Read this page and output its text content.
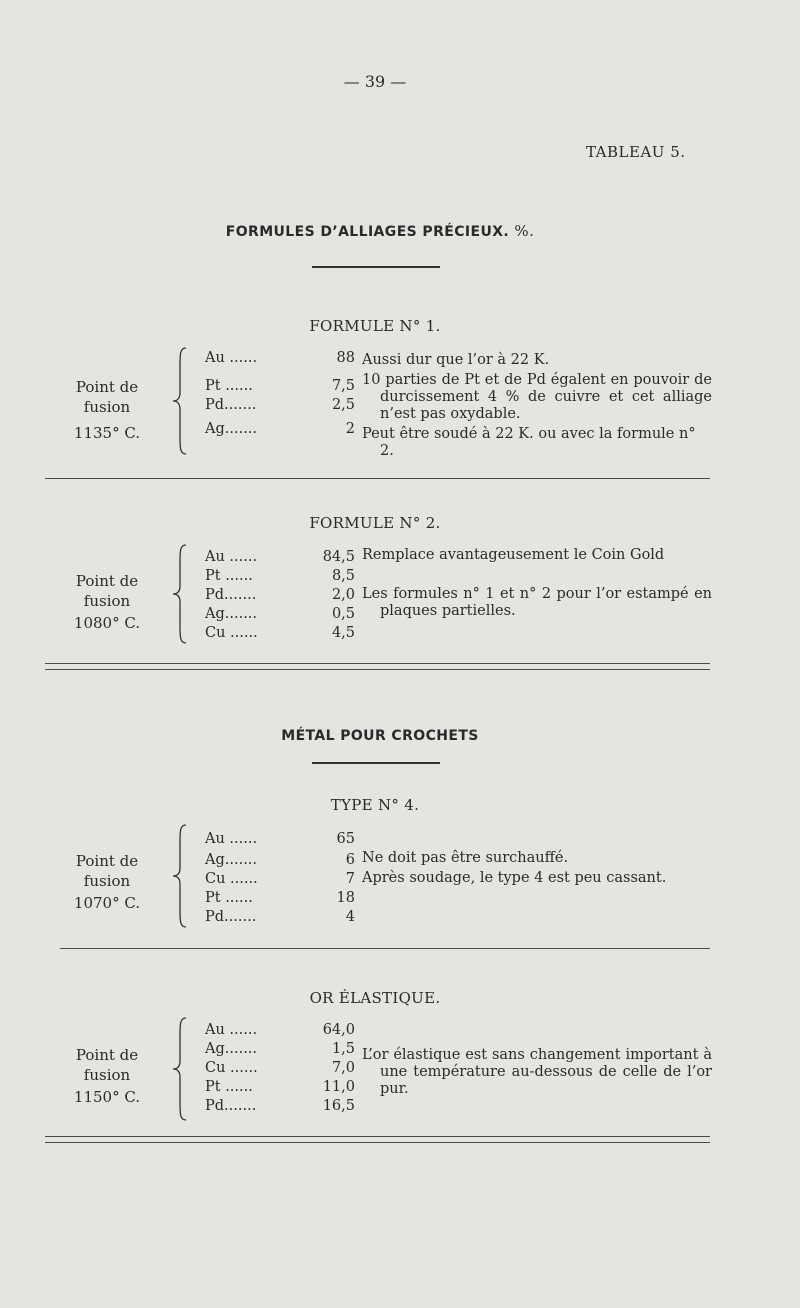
— 39 —
TABLEAU 5.
FORMULES D’ALLIAGES PRÉCIEUX. %.
FORMULE N° 1.
Point de
fusion
1135° C.
Au ......	88
Pt ......	7,5
Pd.......	2,5
Ag.......	2

Aussi dur que l’or à 22 K.

10 parties de Pt et de Pd égalent en pouvoir de durcissement 4 % de cuivre et cet alliage n’est pas oxydable.

Peut être soudé à 22 K. ou avec la formule n° 2.

FORMULE N° 2.
Point de
fusion
1080° C.
Au ......	84,5
Pt ......	8,5
Pd.......	2,0
Ag.......	0,5
Cu ......	4,5

Remplace avantageusement le Coin Gold

Les formules n° 1 et n° 2 pour l’or estampé en plaques partielles.

MÉTAL POUR CROCHETS
TYPE N° 4.
Point de
fusion
1070° C.
Au ......	65
Ag.......	6
Cu ......	7
Pt ......	18
Pd.......	4

Ne doit pas être surchauffé.

Après soudage, le type 4 est peu cassant.

OR ÉLASTIQUE.
Point de
fusion
1150° C.
Au ......	64,0
Ag.......	1,5
Cu ......	7,0
Pt ......	11,0
Pd.......	16,5

L’or élastique est sans changement important à une température au-dessous de celle de l’or pur.
